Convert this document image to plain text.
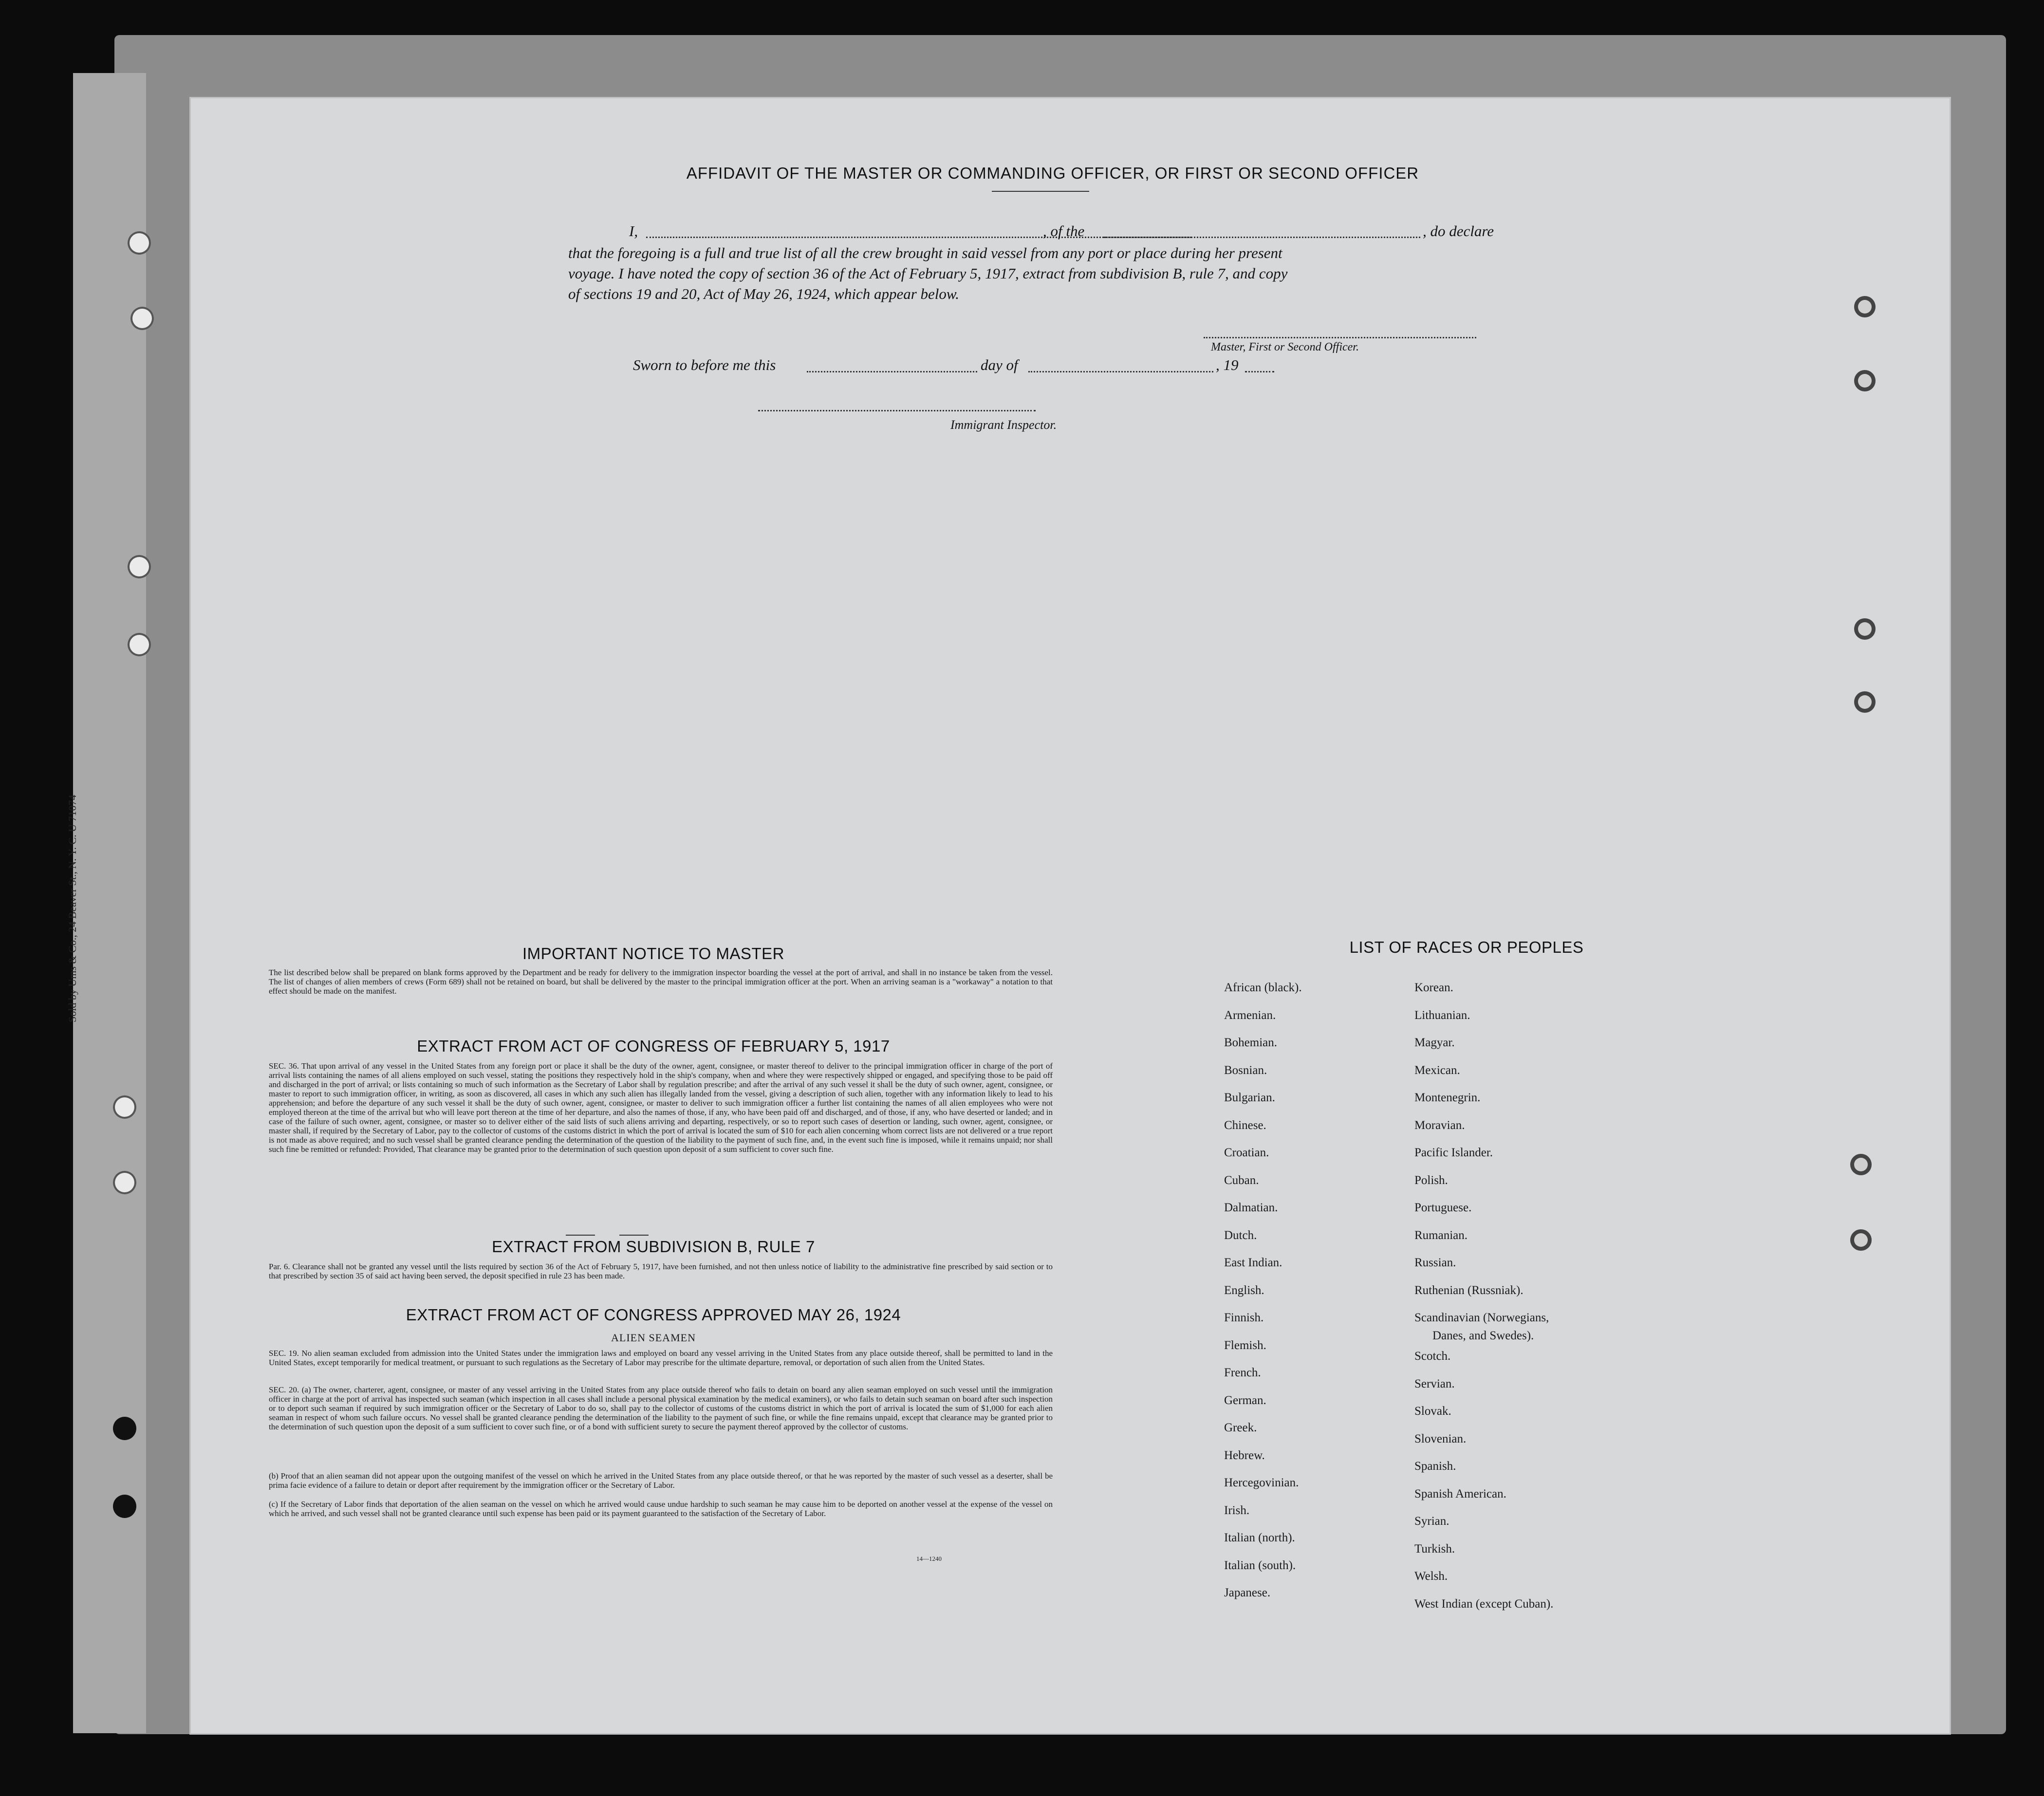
Sold by Ums & Co., 24 Beaver St., N. Y. C. U 71074
AFFIDAVIT OF THE MASTER OR COMMANDING OFFICER, OR FIRST OR SECOND OFFICER
I,	, of the	, do declare
that the foregoing is a full and true list of all the crew brought in said vessel from any port or place during her present
voyage. I have noted the copy of section 36 of the Act of February 5, 1917, extract from subdivision B, rule 7, and copy
of sections 19 and 20, Act of May 26, 1924, which appear below.
Master, First or Second Officer.
Sworn to before me this	day of	, 19
Immigrant Inspector.
IMPORTANT NOTICE TO MASTER
The list described below shall be prepared on blank forms approved by the Department and be ready for delivery to the immigration inspector boarding the vessel at the port of arrival, and shall in no instance be taken from the vessel. The list of changes of alien members of crews (Form 689) shall not be retained on board, but shall be delivered by the master to the principal immigration officer at the port. When an arriving seaman is a "workaway" a notation to that effect should be made on the manifest.
EXTRACT FROM ACT OF CONGRESS OF FEBRUARY 5, 1917
SEC. 36. That upon arrival of any vessel in the United States from any foreign port or place it shall be the duty of the owner, agent, consignee, or master thereof to deliver to the principal immigration officer in charge of the port of arrival lists containing the names of all aliens employed on such vessel, stating the positions they respectively hold in the ship's company, when and where they were respectively shipped or engaged, and specifying those to be paid off and discharged in the port of arrival; or lists containing so much of such information as the Secretary of Labor shall by regulation prescribe; and after the arrival of any such vessel it shall be the duty of such owner, agent, consignee, or master to report to such immigration officer, in writing, as soon as discovered, all cases in which any such alien has illegally landed from the vessel, giving a description of such alien, together with any information likely to lead to his apprehension; and before the departure of any such vessel it shall be the duty of such owner, agent, consignee, or master to deliver to such immigration officer a further list containing the names of all alien employees who were not employed thereon at the time of the arrival but who will leave port thereon at the time of her departure, and also the names of those, if any, who have been paid off and discharged, and of those, if any, who have deserted or landed; and in case of the failure of such owner, agent, consignee, or master so to deliver either of the said lists of such aliens arriving and departing, respectively, or so to report such cases of desertion or landing, such owner, agent, consignee, or master shall, if required by the Secretary of Labor, pay to the collector of customs of the customs district in which the port of arrival is located the sum of $10 for each alien concerning whom correct lists are not delivered or a true report is not made as above required; and no such vessel shall be granted clearance pending the determination of the question of the liability to the payment of such fine, and, in the event such fine is imposed, while it remains unpaid; nor shall such fine be remitted or refunded: Provided, That clearance may be granted prior to the determination of such question upon deposit of a sum sufficient to cover such fine.
EXTRACT FROM SUBDIVISION B, RULE 7
Par. 6. Clearance shall not be granted any vessel until the lists required by section 36 of the Act of February 5, 1917, have been furnished, and not then unless notice of liability to the administrative fine prescribed by said section or to that prescribed by section 35 of said act having been served, the deposit specified in rule 23 has been made.
EXTRACT FROM ACT OF CONGRESS APPROVED MAY 26, 1924
ALIEN SEAMEN
SEC. 19. No alien seaman excluded from admission into the United States under the immigration laws and employed on board any vessel arriving in the United States from any place outside thereof, shall be permitted to land in the United States, except temporarily for medical treatment, or pursuant to such regulations as the Secretary of Labor may prescribe for the ultimate departure, removal, or deportation of such alien from the United States.
SEC. 20. (a) The owner, charterer, agent, consignee, or master of any vessel arriving in the United States from any place outside thereof who fails to detain on board any alien seaman employed on such vessel until the immigration officer in charge at the port of arrival has inspected such seaman (which inspection in all cases shall include a personal physical examination by the medical examiners), or who fails to detain such seaman on board after such inspection or to deport such seaman if required by such immigration officer or the Secretary of Labor to do so, shall pay to the collector of customs of the customs district in which the port of arrival is located the sum of $1,000 for each alien seaman in respect of whom such failure occurs. No vessel shall be granted clearance pending the determination of the liability to the payment of such fine, or while the fine remains unpaid, except that clearance may be granted prior to the determination of such question upon the deposit of a sum sufficient to cover such fine, or of a bond with sufficient surety to secure the payment thereof approved by the collector of customs.
(b) Proof that an alien seaman did not appear upon the outgoing manifest of the vessel on which he arrived in the United States from any place outside thereof, or that he was reported by the master of such vessel as a deserter, shall be prima facie evidence of a failure to detain or deport after requirement by the immigration officer or the Secretary of Labor.
(c) If the Secretary of Labor finds that deportation of the alien seaman on the vessel on which he arrived would cause undue hardship to such seaman he may cause him to be deported on another vessel at the expense of the vessel on which he arrived, and such vessel shall not be granted clearance until such expense has been paid or its payment guaranteed to the satisfaction of the Secretary of Labor.
14—1240
LIST OF RACES OR PEOPLES
African (black).
Armenian.
Bohemian.
Bosnian.
Bulgarian.
Chinese.
Croatian.
Cuban.
Dalmatian.
Dutch.
East Indian.
English.
Finnish.
Flemish.
French.
German.
Greek.
Hebrew.
Hercegovinian.
Irish.
Italian (north).
Italian (south).
Japanese.
Korean.
Lithuanian.
Magyar.
Mexican.
Montenegrin.
Moravian.
Pacific Islander.
Polish.
Portuguese.
Rumanian.
Russian.
Ruthenian (Russniak).
Scandinavian (Norwegians,
Danes, and Swedes).
Scotch.
Servian.
Slovak.
Slovenian.
Spanish.
Spanish American.
Syrian.
Turkish.
Welsh.
West Indian (except Cuban).
